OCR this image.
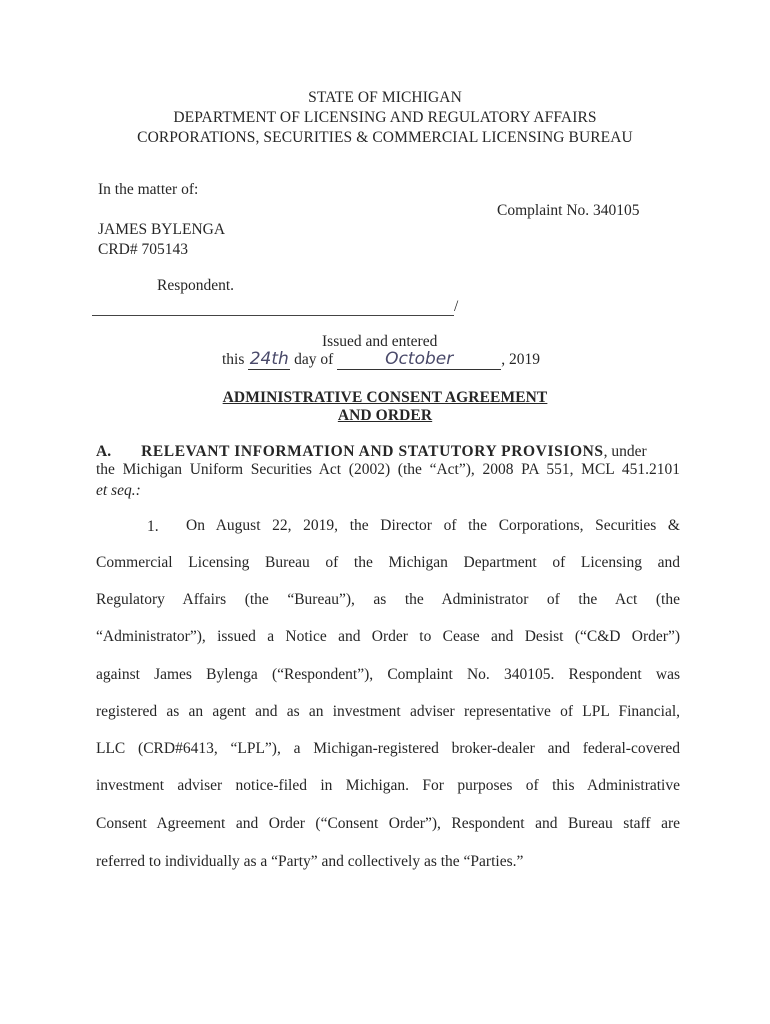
STATE OF MICHIGAN
DEPARTMENT OF LICENSING AND REGULATORY AFFAIRS
CORPORATIONS, SECURITIES & COMMERCIAL LICENSING BUREAU
In the matter of:
Complaint No. 340105
JAMES BYLENGA
CRD# 705143
Respondent.
/
Issued and entered
this 24th day of	October	, 2019
ADMINISTRATIVE CONSENT AGREEMENT
AND ORDER
A. RELEVANT INFORMATION AND STATUTORY PROVISIONS, under
the Michigan Uniform Securities Act (2002) (the “Act”), 2008 PA 551, MCL 451.2101
et seq.:
1. On August 22, 2019, the Director of the Corporations, Securities &
Commercial Licensing Bureau of the Michigan Department of Licensing and
Regulatory Affairs (the “Bureau”), as the Administrator of the Act (the
“Administrator”), issued a Notice and Order to Cease and Desist (“C&D Order”)
against James Bylenga (“Respondent”), Complaint No. 340105. Respondent was
registered as an agent and as an investment adviser representative of LPL Financial,
LLC (CRD#6413, “LPL”), a Michigan-registered broker-dealer and federal-covered
investment adviser notice-filed in Michigan. For purposes of this Administrative
Consent Agreement and Order (“Consent Order”), Respondent and Bureau staff are
referred to individually as a “Party” and collectively as the “Parties.”
